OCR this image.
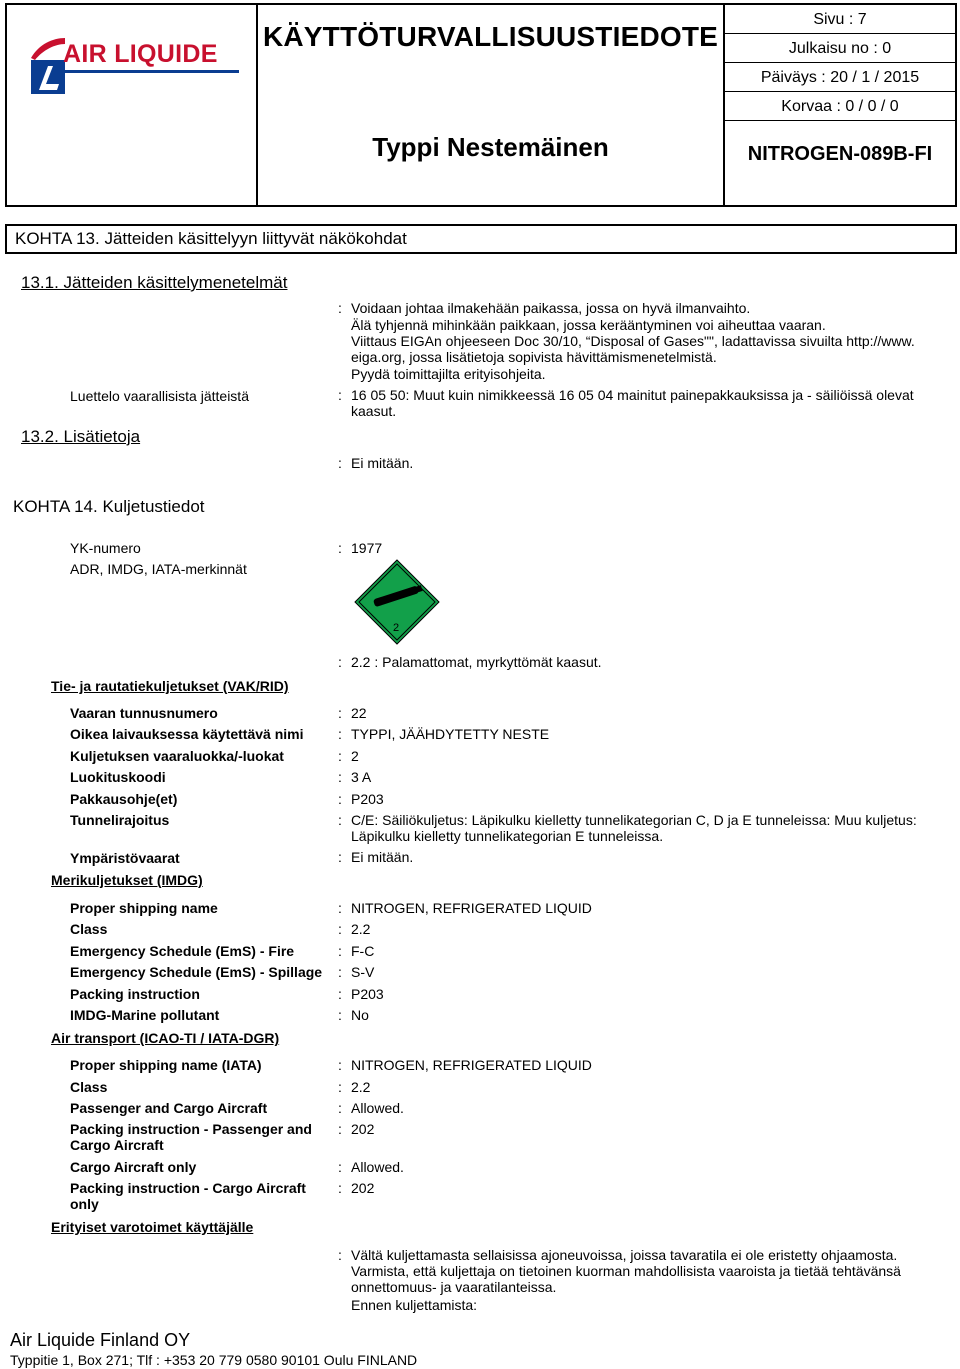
AIR LIQUIDE
KÄYTTÖTURVALLISUUSTIEDOTE
Typpi Nestemäinen
Sivu : 7
Julkaisu no : 0
Päiväys : 20 / 1 / 2015
Korvaa : 0 / 0 / 0
NITROGEN-089B-FI
KOHTA 13. Jätteiden käsittelyyn liittyvät näkökohdat
13.1. Jätteiden käsittelymenetelmät
: Voidaan johtaa ilmakehään paikassa, jossa on hyvä ilmanvaihto.
Älä tyhjennä mihinkään paikkaan, jossa kerääntyminen voi aiheuttaa vaaran.
Viittaus EIGAn ohjeeseen Doc 30/10, “Disposal of Gases"", ladattavissa sivuilta http://www.
eiga.org, jossa lisätietoja sopivista hävittämismenetelmistä.
Pyydä toimittajilta erityisohjeita.
Luettelo vaarallisista jätteistä	: 16 05 50: Muut kuin nimikkeessä 16 05 04 mainitut painepakkauksissa ja - säiliöissä olevat kaasut.
13.2. Lisätietoja
: Ei mitään.
KOHTA 14. Kuljetustiedot
YK-numero	: 1977
ADR, IMDG, IATA-merkinnät
2
: 2.2 : Palamattomat, myrkyttömät kaasut.
Tie- ja rautatiekuljetukset (VAK/RID)
Vaaran tunnusnumero	: 22
Oikea laivauksessa käytettävä nimi : TYPPI, JÄÄHDYTETTY NESTE
Kuljetuksen vaaraluokka/-luokat	: 2
Luokituskoodi	: 3 A
Pakkausohje(et)	: P203
Tunnelirajoitus	: C/E: Säiliökuljetus: Läpikulku kielletty tunnelikategorian C, D ja E tunneleissa: Muu kuljetus: Läpikulku kielletty tunnelikategorian E tunneleissa.
Ympäristövaarat	: Ei mitään.
Merikuljetukset (IMDG)
Proper shipping name	: NITROGEN, REFRIGERATED LIQUID
Class	: 2.2
Emergency Schedule (EmS) - Fire	: F-C
Emergency Schedule (EmS) - Spillage : S-V
Packing instruction	: P203
IMDG-Marine pollutant	: No
Air transport (ICAO-TI / IATA-DGR)
Proper shipping name (IATA)	: NITROGEN, REFRIGERATED LIQUID
Class	: 2.2
Passenger and Cargo Aircraft	: Allowed.
Packing instruction - Passenger and Cargo Aircraft
: 202
Cargo Aircraft only	: Allowed.
Packing instruction - Cargo Aircraft only
: 202
Erityiset varotoimet käyttäjälle
: Vältä kuljettamasta sellaisissa ajoneuvoissa, joissa tavaratila ei ole eristetty ohjaamosta.
Varmista, että kuljettaja on tietoinen kuorman mahdollisista vaaroista ja tietää tehtävänsä onnettomuus- ja vaaratilanteissa.
Ennen kuljettamista:
Air Liquide Finland OY
Typpitie 1, Box 271; Tlf : +353 20 779 0580 90101 Oulu FINLAND
